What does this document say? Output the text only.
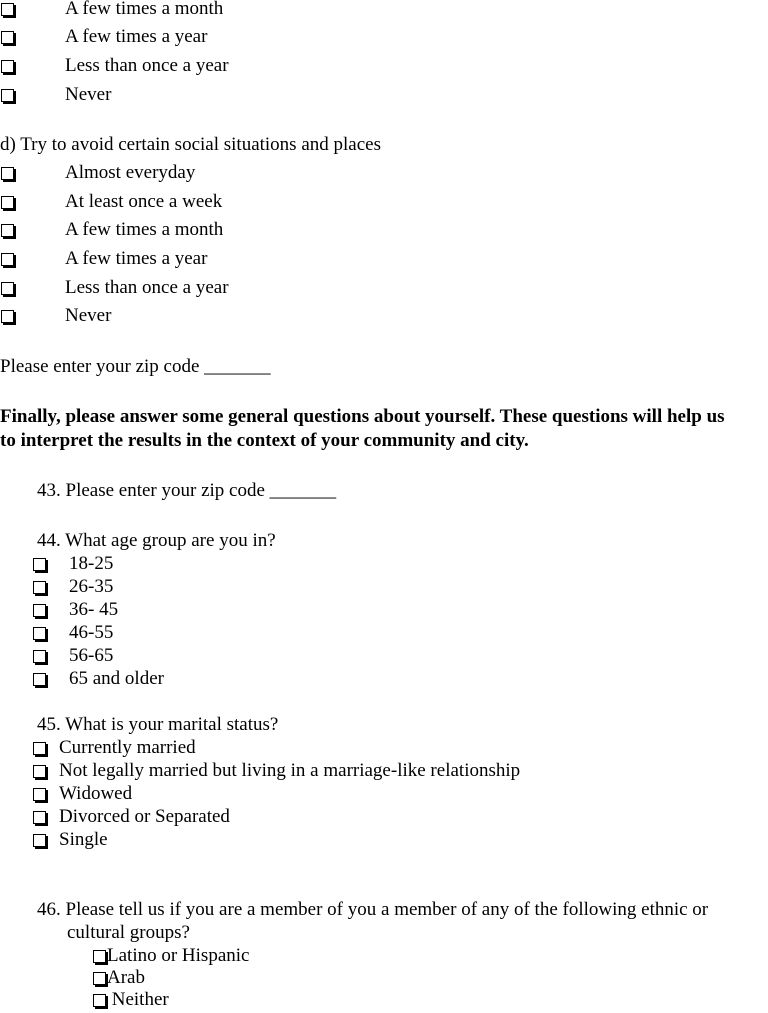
A few times a month
A few times a year
Less than once a year
Never
d) Try to avoid certain social situations and places
Almost everyday
At least once a week
A few times a month
A few times a year
Less than once a year
Never
Please enter your zip code _______
Finally, please answer some general questions about yourself. These questions will help us
to interpret the results in the context of your community and city.
43. Please enter your zip code _______
44. What age group are you in?
18-25
26-35
36- 45
46-55
56-65
65 and older
45. What is your marital status?
Currently married
Not legally married but living in a marriage-like relationship
Widowed
Divorced or Separated
Single
46. Please tell us if you are a member of you a member of any of the following ethnic or
cultural groups?
Latino or Hispanic
Arab
Neither
